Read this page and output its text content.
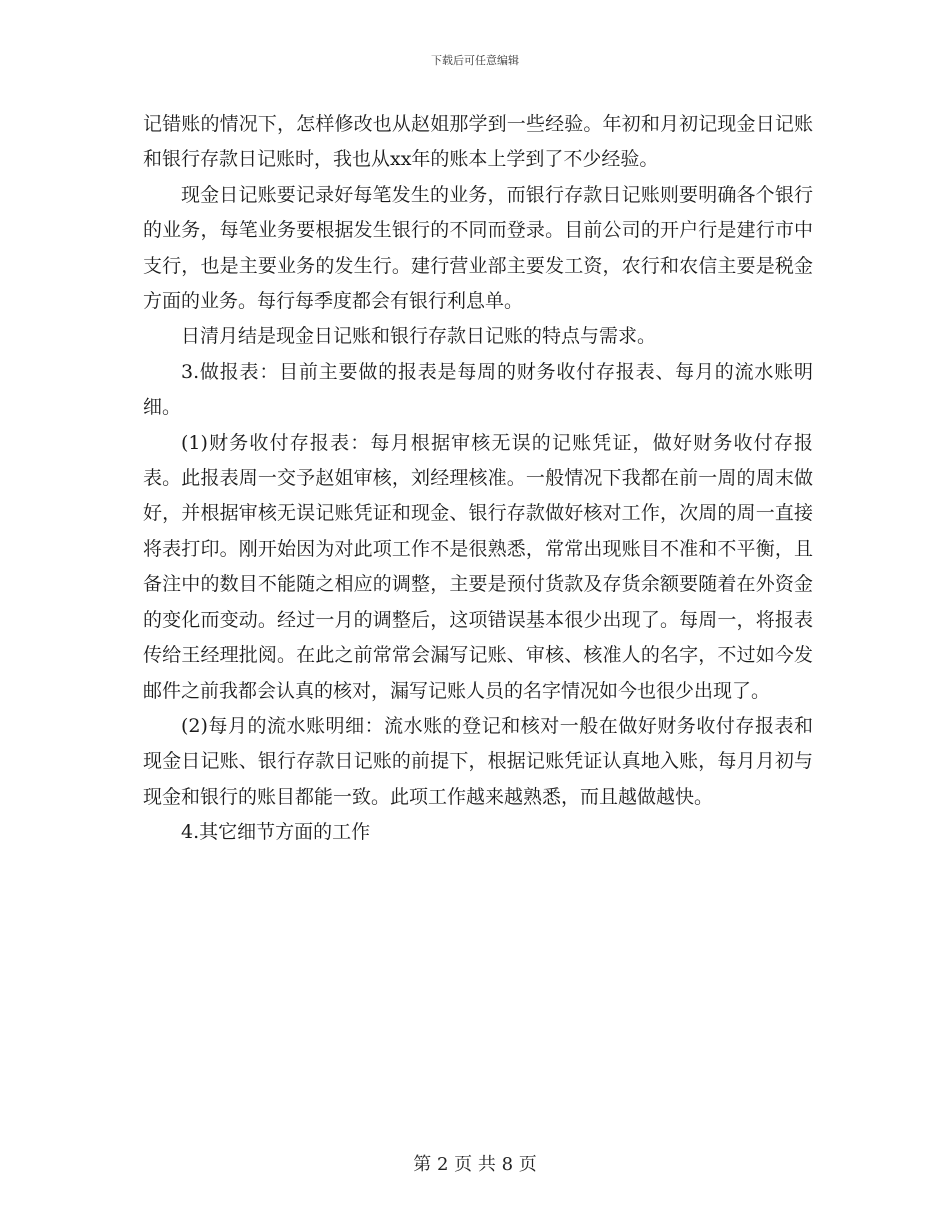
下载后可任意编辑

记错账的情况下，怎样修改也从赵姐那学到一些经验。年初和月初记现金日记账和银行存款日记账时，我也从xx年的账本上学到了不少经验。

现金日记账要记录好每笔发生的业务，而银行存款日记账则要明确各个银行的业务，每笔业务要根据发生银行的不同而登录。目前公司的开户行是建行市中支行，也是主要业务的发生行。建行营业部主要发工资，农行和农信主要是税金方面的业务。每行每季度都会有银行利息单。

日清月结是现金日记账和银行存款日记账的特点与需求。

3.做报表：目前主要做的报表是每周的财务收付存报表、每月的流水账明细。

(1)财务收付存报表：每月根据审核无误的记账凭证，做好财务收付存报表。此报表周一交予赵姐审核，刘经理核准。一般情况下我都在前一周的周末做好，并根据审核无误记账凭证和现金、银行存款做好核对工作，次周的周一直接将表打印。刚开始因为对此项工作不是很熟悉，常常出现账目不准和不平衡，且备注中的数目不能随之相应的调整，主要是预付货款及存货余额要随着在外资金的变化而变动。经过一月的调整后，这项错误基本很少出现了。每周一，将报表传给王经理批阅。在此之前常常会漏写记账、审核、核准人的名字，不过如今发邮件之前我都会认真的核对，漏写记账人员的名字情况如今也很少出现了。

(2)每月的流水账明细：流水账的登记和核对一般在做好财务收付存报表和现金日记账、银行存款日记账的前提下，根据记账凭证认真地入账，每月月初与现金和银行的账目都能一致。此项工作越来越熟悉，而且越做越快。

4.其它细节方面的工作

第 2 页 共 8 页
